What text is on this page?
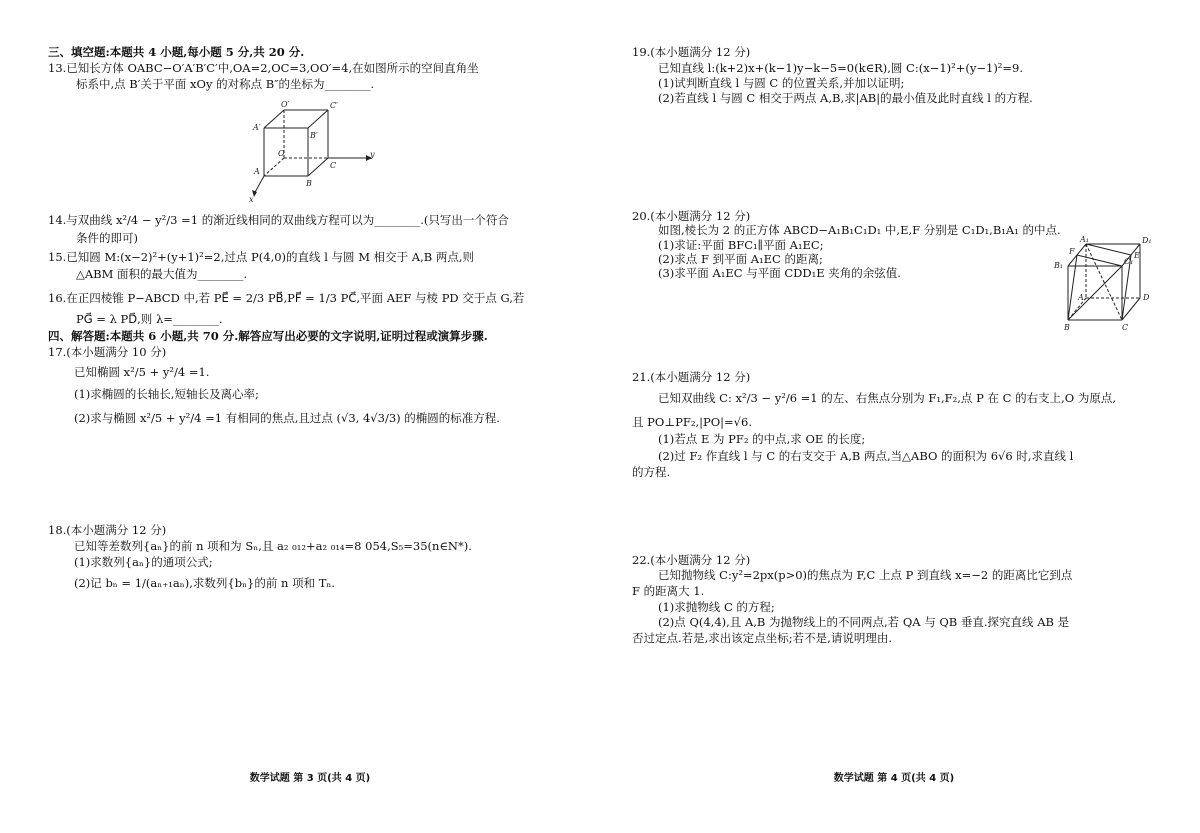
三、填空题:本题共 4 小题,每小题 5 分,共 20 分.

13.已知长方体 OABC−O′A′B′C′中,OA=2,OC=3,OO′=4,在如图所示的空间直角坐

标系中,点 B′关于平面 xOy 的对称点 B″的坐标为________.

O′	C′
A′
B′
O
C
y
A
B
x

14.与双曲线 x²/4 − y²/3 =1 的渐近线相同的双曲线方程可以为________.(只写出一个符合

条件的即可)

15.已知圆 M:(x−2)²+(y+1)²=2,过点 P(4,0)的直线 l 与圆 M 相交于 A,B 两点,则

△ABM 面积的最大值为________.

16.在正四棱锥 P−ABCD 中,若 PE⃗ = 2/3 PB⃗,PF⃗ = 1/3 PC⃗,平面 AEF 与棱 PD 交于点 G,若

PG⃗ = λ PD⃗,则 λ=________.

四、解答题:本题共 6 小题,共 70 分.解答应写出必要的文字说明,证明过程或演算步骤.

17.(本小题满分 10 分)

已知椭圆 x²/5 + y²/4 =1.

(1)求椭圆的长轴长,短轴长及离心率;

(2)求与椭圆 x²/5 + y²/4 =1 有相同的焦点,且过点 (√3, 4√3/3) 的椭圆的标准方程.

18.(本小题满分 12 分)

已知等差数列{aₙ}的前 n 项和为 Sₙ,且 a₂ ₀₁₂+a₂ ₀₁₄=8 054,S₅=35(n∈N*).

(1)求数列{aₙ}的通项公式;

(2)记 bₙ = 1/(aₙ₊₁aₙ),求数列{bₙ}的前 n 项和 Tₙ.

数学试题 第 3 页(共 4 页)

19.(本小题满分 12 分)

已知直线 l:(k+2)x+(k−1)y−k−5=0(k∈R),圆 C:(x−1)²+(y−1)²=9.

(1)试判断直线 l 与圆 C 的位置关系,并加以证明;

(2)若直线 l 与圆 C 相交于两点 A,B,求|AB|的最小值及此时直线 l 的方程.

20.(本小题满分 12 分)

如图,棱长为 2 的正方体 ABCD−A₁B₁C₁D₁ 中,E,F 分别是 C₁D₁,B₁A₁ 的中点.

(1)求证:平面 BFC₁∥平面 A₁EC;

(2)求点 F 到平面 A₁EC 的距离;

(3)求平面 A₁EC 与平面 CDD₁E 夹角的余弦值.

A₁	D₁
F	E
B₁	C₁
A	D
B	C

21.(本小题满分 12 分)

已知双曲线 C: x²/3 − y²/6 =1 的左、右焦点分别为 F₁,F₂,点 P 在 C 的右支上,O 为原点,

且 PO⊥PF₂,|PO|=√6.

(1)若点 E 为 PF₂ 的中点,求 OE 的长度;

(2)过 F₂ 作直线 l 与 C 的右支交于 A,B 两点,当△ABO 的面积为 6√6 时,求直线 l

的方程.

22.(本小题满分 12 分)

已知抛物线 C:y²=2px(p>0)的焦点为 F,C 上点 P 到直线 x=−2 的距离比它到点

F 的距离大 1.

(1)求抛物线 C 的方程;

(2)点 Q(4,4),且 A,B 为抛物线上的不同两点,若 QA 与 QB 垂直.探究直线 AB 是

否过定点.若是,求出该定点坐标;若不是,请说明理由.

数学试题 第 4 页(共 4 页)
